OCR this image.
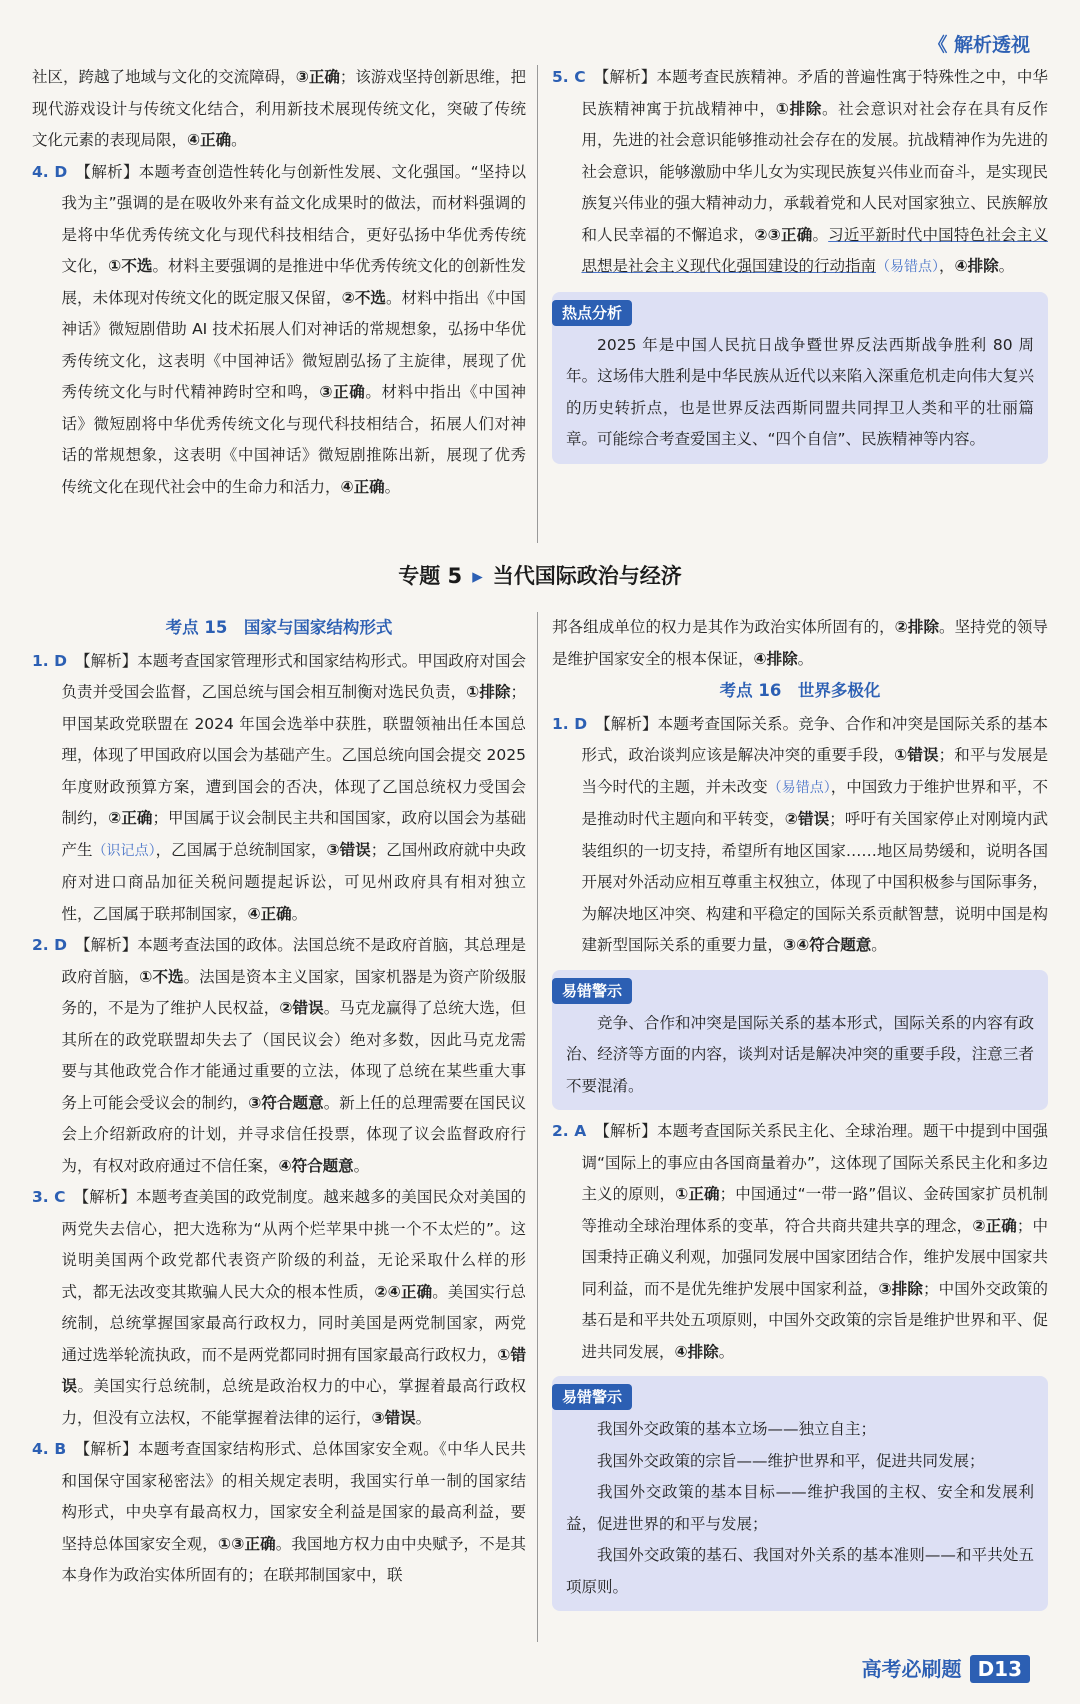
《 解析透视

社区，跨越了地域与文化的交流障碍，③正确；该游戏坚持创新思维，把现代游戏设计与传统文化结合，利用新技术展现传统文化，突破了传统文化元素的表现局限，④正确。

4. D 【解析】本题考查创造性转化与创新性发展、文化强国。“坚持以我为主”强调的是在吸收外来有益文化成果时的做法，而材料强调的是将中华优秀传统文化与现代科技相结合，更好弘扬中华优秀传统文化，①不选。材料主要强调的是推进中华优秀传统文化的创新性发展，未体现对传统文化的既定服又保留，②不选。材料中指出《中国神话》微短剧借助 AI 技术拓展人们对神话的常规想象，弘扬中华优秀传统文化，这表明《中国神话》微短剧弘扬了主旋律，展现了优秀传统文化与时代精神跨时空和鸣，③正确。材料中指出《中国神话》微短剧将中华优秀传统文化与现代科技相结合，拓展人们对神话的常规想象，这表明《中国神话》微短剧推陈出新，展现了优秀传统文化在现代社会中的生命力和活力，④正确。

5. C 【解析】本题考查民族精神。矛盾的普遍性寓于特殊性之中，中华民族精神寓于抗战精神中，①排除。社会意识对社会存在具有反作用，先进的社会意识能够推动社会存在的发展。抗战精神作为先进的社会意识，能够激励中华儿女为实现民族复兴伟业而奋斗，是实现民族复兴伟业的强大精神动力，承载着党和人民对国家独立、民族解放和人民幸福的不懈追求，②③正确。习近平新时代中国特色社会主义思想是社会主义现代化强国建设的行动指南（易错点），④排除。

热点分析

2025 年是中国人民抗日战争暨世界反法西斯战争胜利 80 周年。这场伟大胜利是中华民族从近代以来陷入深重危机走向伟大复兴的历史转折点，也是世界反法西斯同盟共同捍卫人类和平的壮丽篇章。可能综合考查爱国主义、“四个自信”、民族精神等内容。

专题 5 ▸ 当代国际政治与经济

考点 15　国家与国家结构形式

1. D 【解析】本题考查国家管理形式和国家结构形式。甲国政府对国会负责并受国会监督，乙国总统与国会相互制衡对选民负责，①排除；甲国某政党联盟在 2024 年国会选举中获胜，联盟领袖出任本国总理，体现了甲国政府以国会为基础产生。乙国总统向国会提交 2025 年度财政预算方案，遭到国会的否决，体现了乙国总统权力受国会制约，②正确；甲国属于议会制民主共和国国家，政府以国会为基础产生（识记点），乙国属于总统制国家，③错误；乙国州政府就中央政府对进口商品加征关税问题提起诉讼，可见州政府具有相对独立性，乙国属于联邦制国家，④正确。

2. D 【解析】本题考查法国的政体。法国总统不是政府首脑，其总理是政府首脑，①不选。法国是资本主义国家，国家机器是为资产阶级服务的，不是为了维护人民权益，②错误。马克龙赢得了总统大选，但其所在的政党联盟却失去了（国民议会）绝对多数，因此马克龙需要与其他政党合作才能通过重要的立法，体现了总统在某些重大事务上可能会受议会的制约，③符合题意。新上任的总理需要在国民议会上介绍新政府的计划，并寻求信任投票，体现了议会监督政府行为，有权对政府通过不信任案，④符合题意。

3. C 【解析】本题考查美国的政党制度。越来越多的美国民众对美国的两党失去信心，把大选称为“从两个烂苹果中挑一个不太烂的”。这说明美国两个政党都代表资产阶级的利益，无论采取什么样的形式，都无法改变其欺骗人民大众的根本性质，②④正确。美国实行总统制，总统掌握国家最高行政权力，同时美国是两党制国家，两党通过选举轮流执政，而不是两党都同时拥有国家最高行政权力，①错误。美国实行总统制，总统是政治权力的中心，掌握着最高行政权力，但没有立法权，不能掌握着法律的运行，③错误。

4. B 【解析】本题考查国家结构形式、总体国家安全观。《中华人民共和国保守国家秘密法》的相关规定表明，我国实行单一制的国家结构形式，中央享有最高权力，国家安全利益是国家的最高利益，要坚持总体国家安全观，①③正确。我国地方权力由中央赋予，不是其本身作为政治实体所固有的；在联邦制国家中，联

邦各组成单位的权力是其作为政治实体所固有的，②排除。坚持党的领导是维护国家安全的根本保证，④排除。

考点 16　世界多极化

1. D 【解析】本题考查国际关系。竞争、合作和冲突是国际关系的基本形式，政治谈判应该是解决冲突的重要手段，①错误；和平与发展是当今时代的主题，并未改变（易错点），中国致力于维护世界和平，不是推动时代主题向和平转变，②错误；呼吁有关国家停止对刚境内武装组织的一切支持，希望所有地区国家……地区局势缓和，说明各国开展对外活动应相互尊重主权独立，体现了中国积极参与国际事务，为解决地区冲突、构建和平稳定的国际关系贡献智慧，说明中国是构建新型国际关系的重要力量，③④符合题意。

易错警示

竞争、合作和冲突是国际关系的基本形式，国际关系的内容有政治、经济等方面的内容，谈判对话是解决冲突的重要手段，注意三者不要混淆。

2. A 【解析】本题考查国际关系民主化、全球治理。题干中提到中国强调“国际上的事应由各国商量着办”，这体现了国际关系民主化和多边主义的原则，①正确；中国通过“一带一路”倡议、金砖国家扩员机制等推动全球治理体系的变革，符合共商共建共享的理念，②正确；中国秉持正确义利观，加强同发展中国家团结合作，维护发展中国家共同利益，而不是优先维护发展中国家利益，③排除；中国外交政策的基石是和平共处五项原则，中国外交政策的宗旨是维护世界和平、促进共同发展，④排除。

易错警示

我国外交政策的基本立场——独立自主；

我国外交政策的宗旨——维护世界和平，促进共同发展；

我国外交政策的基本目标——维护我国的主权、安全和发展利益，促进世界的和平与发展；

我国外交政策的基石、我国对外关系的基本准则——和平共处五项原则。

高考必刷题 D13
